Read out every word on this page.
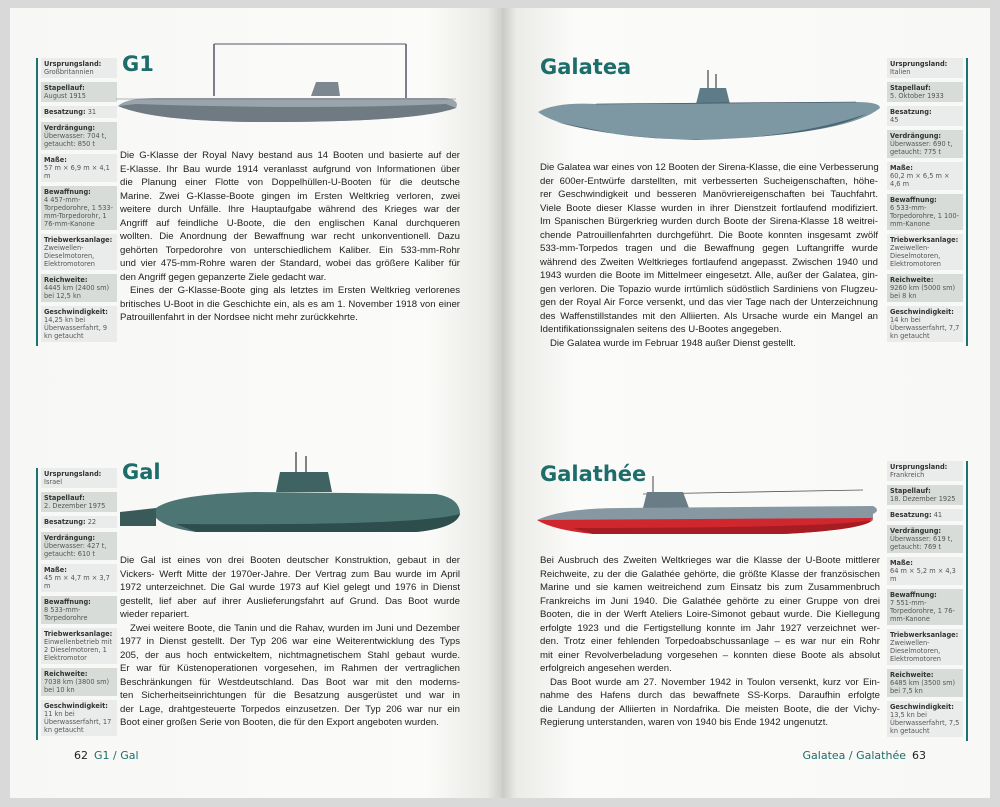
Ursprungsland:
Großbritannien
Stapellauf:
August 1915
Besatzung: 31
Verdrängung:
Überwasser: 704 t, getaucht: 850 t
Maße:
57 m × 6,9 m × 4,1 m
Bewaffnung:
4 457-mm-Torpedorohre, 1 533-mm-Torpedorohr, 1 76-mm-Kanone
Triebwerksanlage:
Zweiwellen-Dieselmotoren, Elektromotoren
Reichweite:
4445 km (2400 sm) bei 12,5 kn
Geschwindigkeit:
14,25 kn bei Überwasserfahrt, 9 kn getaucht
G1
Die G-Klasse der Royal Navy bestand aus 14 Booten und basierte auf der
E-Klasse. Ihr Bau wurde 1914 veranlasst aufgrund von Informationen über
die Planung einer Flotte von Doppelhüllen-U-Booten für die deutsche
Marine. Zwei G-Klasse-Boote gingen im Ersten Weltkrieg verloren, zwei
weitere durch Unfälle. Ihre Hauptaufgabe während des Krieges war der
Angriff auf feindliche U-Boote, die den englischen Kanal durchqueren
wollten. Die Anordnung der Bewaffnung war recht unkonventionell. Dazu
gehörten Torpedorohre von unterschiedlichem Kaliber. Ein 533-mm-Rohr
und vier 475-mm-Rohre waren der Standard, wobei das größere Kaliber für
den Angriff gegen gepanzerte Ziele gedacht war.
Eines der G-Klasse-Boote ging als letztes im Ersten Weltkrieg verlorenes
britisches U-Boot in die Geschichte ein, als es am 1. November 1918 von einer
Patrouillenfahrt in der Nordsee nicht mehr zurückkehrte.
Ursprungsland:
Italien
Stapellauf:
5. Oktober 1933
Besatzung:
45
Verdrängung:
Überwasser: 690 t, getaucht: 775 t
Maße:
60,2 m × 6,5 m × 4,6 m
Bewaffnung:
6 533-mm-Torpedorohre, 1 100-mm-Kanone
Triebwerksanlage:
Zweiwellen-Dieselmotoren, Elektromotoren
Reichweite:
9260 km (5000 sm) bei 8 kn
Geschwindigkeit:
14 kn bei Überwasserfahrt, 7,7 kn getaucht
Galatea
Die Galatea war eines von 12 Booten der Sirena-Klasse, die eine Verbesserung
der 600er-Entwürfe darstellten, mit verbesserten Sucheigenschaften, höhe-
rer Geschwindigkeit und besseren Manövriereigenschaften bei Tauchfahrt.
Viele Boote dieser Klasse wurden in ihrer Dienstzeit fortlaufend modifiziert.
Im Spanischen Bürgerkrieg wurden durch Boote der Sirena-Klasse 18 weitrei-
chende Patrouillenfahrten durchgeführt. Die Boote konnten insgesamt zwölf
533-mm-Torpedos tragen und die Bewaffnung gegen Luftangriffe wurde
während des Zweiten Weltkrieges fortlaufend angepasst. Zwischen 1940 und
1943 wurden die Boote im Mittelmeer eingesetzt. Alle, außer der Galatea, gin-
gen verloren. Die Topazio wurde irrtümlich südöstlich Sardiniens von Flugzeu-
gen der Royal Air Force versenkt, und das vier Tage nach der Unterzeichnung
des Waffenstillstandes mit den Alliierten. Als Ursache wurde ein Mangel an
Identifikationssignalen seitens des U-Bootes angegeben.
Die Galatea wurde im Februar 1948 außer Dienst gestellt.
Ursprungsland:
Israel
Stapellauf:
2. Dezember 1975
Besatzung: 22
Verdrängung:
Überwasser: 427 t, getaucht: 610 t
Maße:
45 m × 4,7 m × 3,7 m
Bewaffnung:
8 533-mm-Torpedorohre
Triebwerksanlage:
Einwellenbetrieb mit 2 Dieselmotoren, 1 Elektromotor
Reichweite:
7038 km (3800 sm) bei 10 kn
Geschwindigkeit:
11 kn bei Überwasserfahrt, 17 kn getaucht
Gal
Die Gal ist eines von drei Booten deutscher Konstruktion, gebaut in der
Vickers- Werft Mitte der 1970er-Jahre. Der Vertrag zum Bau wurde im April
1972 unterzeichnet. Die Gal wurde 1973 auf Kiel gelegt und 1976 in Dienst
gestellt, lief aber auf ihrer Auslieferungsfahrt auf Grund. Das Boot wurde
wieder repariert.
Zwei weitere Boote, die Tanin und die Rahav, wurden im Juni und Dezember
1977 in Dienst gestellt. Der Typ 206 war eine Weiterentwicklung des Typs
205, der aus hoch entwickeltem, nichtmagnetischem Stahl gebaut wurde.
Er war für Küstenoperationen vorgesehen, im Rahmen der vertraglichen
Beschränkungen für Westdeutschland. Das Boot war mit den moderns-
ten Sicherheitseinrichtungen für die Besatzung ausgerüstet und war in
der Lage, drahtgesteuerte Torpedos einzusetzen. Der Typ 206 war nur ein
Boot einer großen Serie von Booten, die für den Export angeboten wurden.
Ursprungsland:
Frankreich
Stapellauf:
18. Dezember 1925
Besatzung: 41
Verdrängung:
Überwasser: 619 t, getaucht: 769 t
Maße:
64 m × 5,2 m × 4,3 m
Bewaffnung:
7 551-mm-Torpedorohre, 1 76-mm-Kanone
Triebwerksanlage:
Zweiwellen-Dieselmotoren, Elektromotoren
Reichweite:
6485 km (3500 sm) bei 7,5 kn
Geschwindigkeit:
13,5 kn bei Überwasserfahrt, 7,5 kn getaucht
Galathée
Bei Ausbruch des Zweiten Weltkrieges war die Klasse der U-Boote mittlerer
Reichweite, zu der die Galathée gehörte, die größte Klasse der französischen
Marine und sie kamen weitreichend zum Einsatz bis zum Zusammenbruch
Frankreichs im Juni 1940. Die Galathée gehörte zu einer Gruppe von drei
Booten, die in der Werft Ateliers Loire-Simonot gebaut wurde. Die Kiellegung
erfolgte 1923 und die Fertigstellung konnte im Jahr 1927 verzeichnet wer-
den. Trotz einer fehlenden Torpedoabschussanlage – es war nur ein Rohr
mit einer Revolverbeladung vorgesehen – konnten diese Boote als absolut
erfolgreich angesehen werden.
Das Boot wurde am 27. November 1942 in Toulon versenkt, kurz vor Ein-
nahme des Hafens durch das bewaffnete SS-Korps. Daraufhin erfolgte
die Landung der Alliierten in Nordafrika. Die meisten Boote, die der Vichy-
Regierung unterstanden, waren von 1940 bis Ende 1942 ungenutzt.
62 G1 / Gal	Galatea / Galathée 63
